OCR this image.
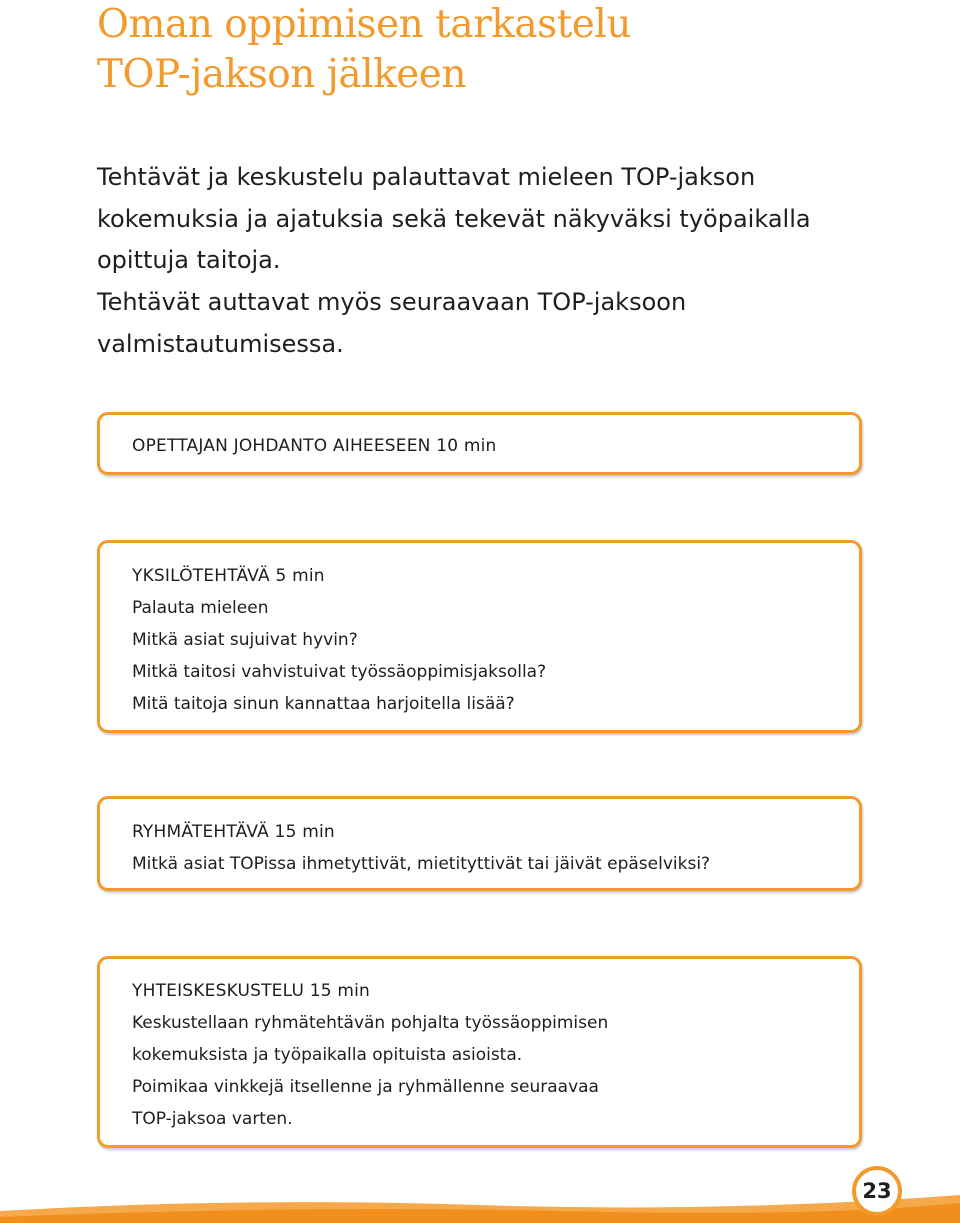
Oman oppimisen tarkastelu
TOP-jakson jälkeen

Tehtävät ja keskustelu palauttavat mieleen TOP-jakson kokemuksia ja ajatuksia sekä tekevät näkyväksi työpaikalla opittuja taitoja.

Tehtävät auttavat myös seuraavaan TOP-jaksoon valmistautumisessa.

OPETTAJAN JOHDANTO AIHEESEEN 10 min
YKSILÖTEHTÄVÄ 5 min
Palauta mieleen
Mitkä asiat sujuivat hyvin?
Mitkä taitosi vahvistuivat työssäoppimisjaksolla?
Mitä taitoja sinun kannattaa harjoitella lisää?
RYHMÄTEHTÄVÄ 15 min
Mitkä asiat TOPissa ihmetyttivät, mietityttivät tai jäivät epäselviksi?
YHTEISKESKUSTELU 15 min
Keskustellaan ryhmätehtävän pohjalta työssäoppimisen
kokemuksista ja työpaikalla opituista asioista.
Poimikaa vinkkejä itsellenne ja ryhmällenne seuraavaa
TOP-jaksoa varten.
23
